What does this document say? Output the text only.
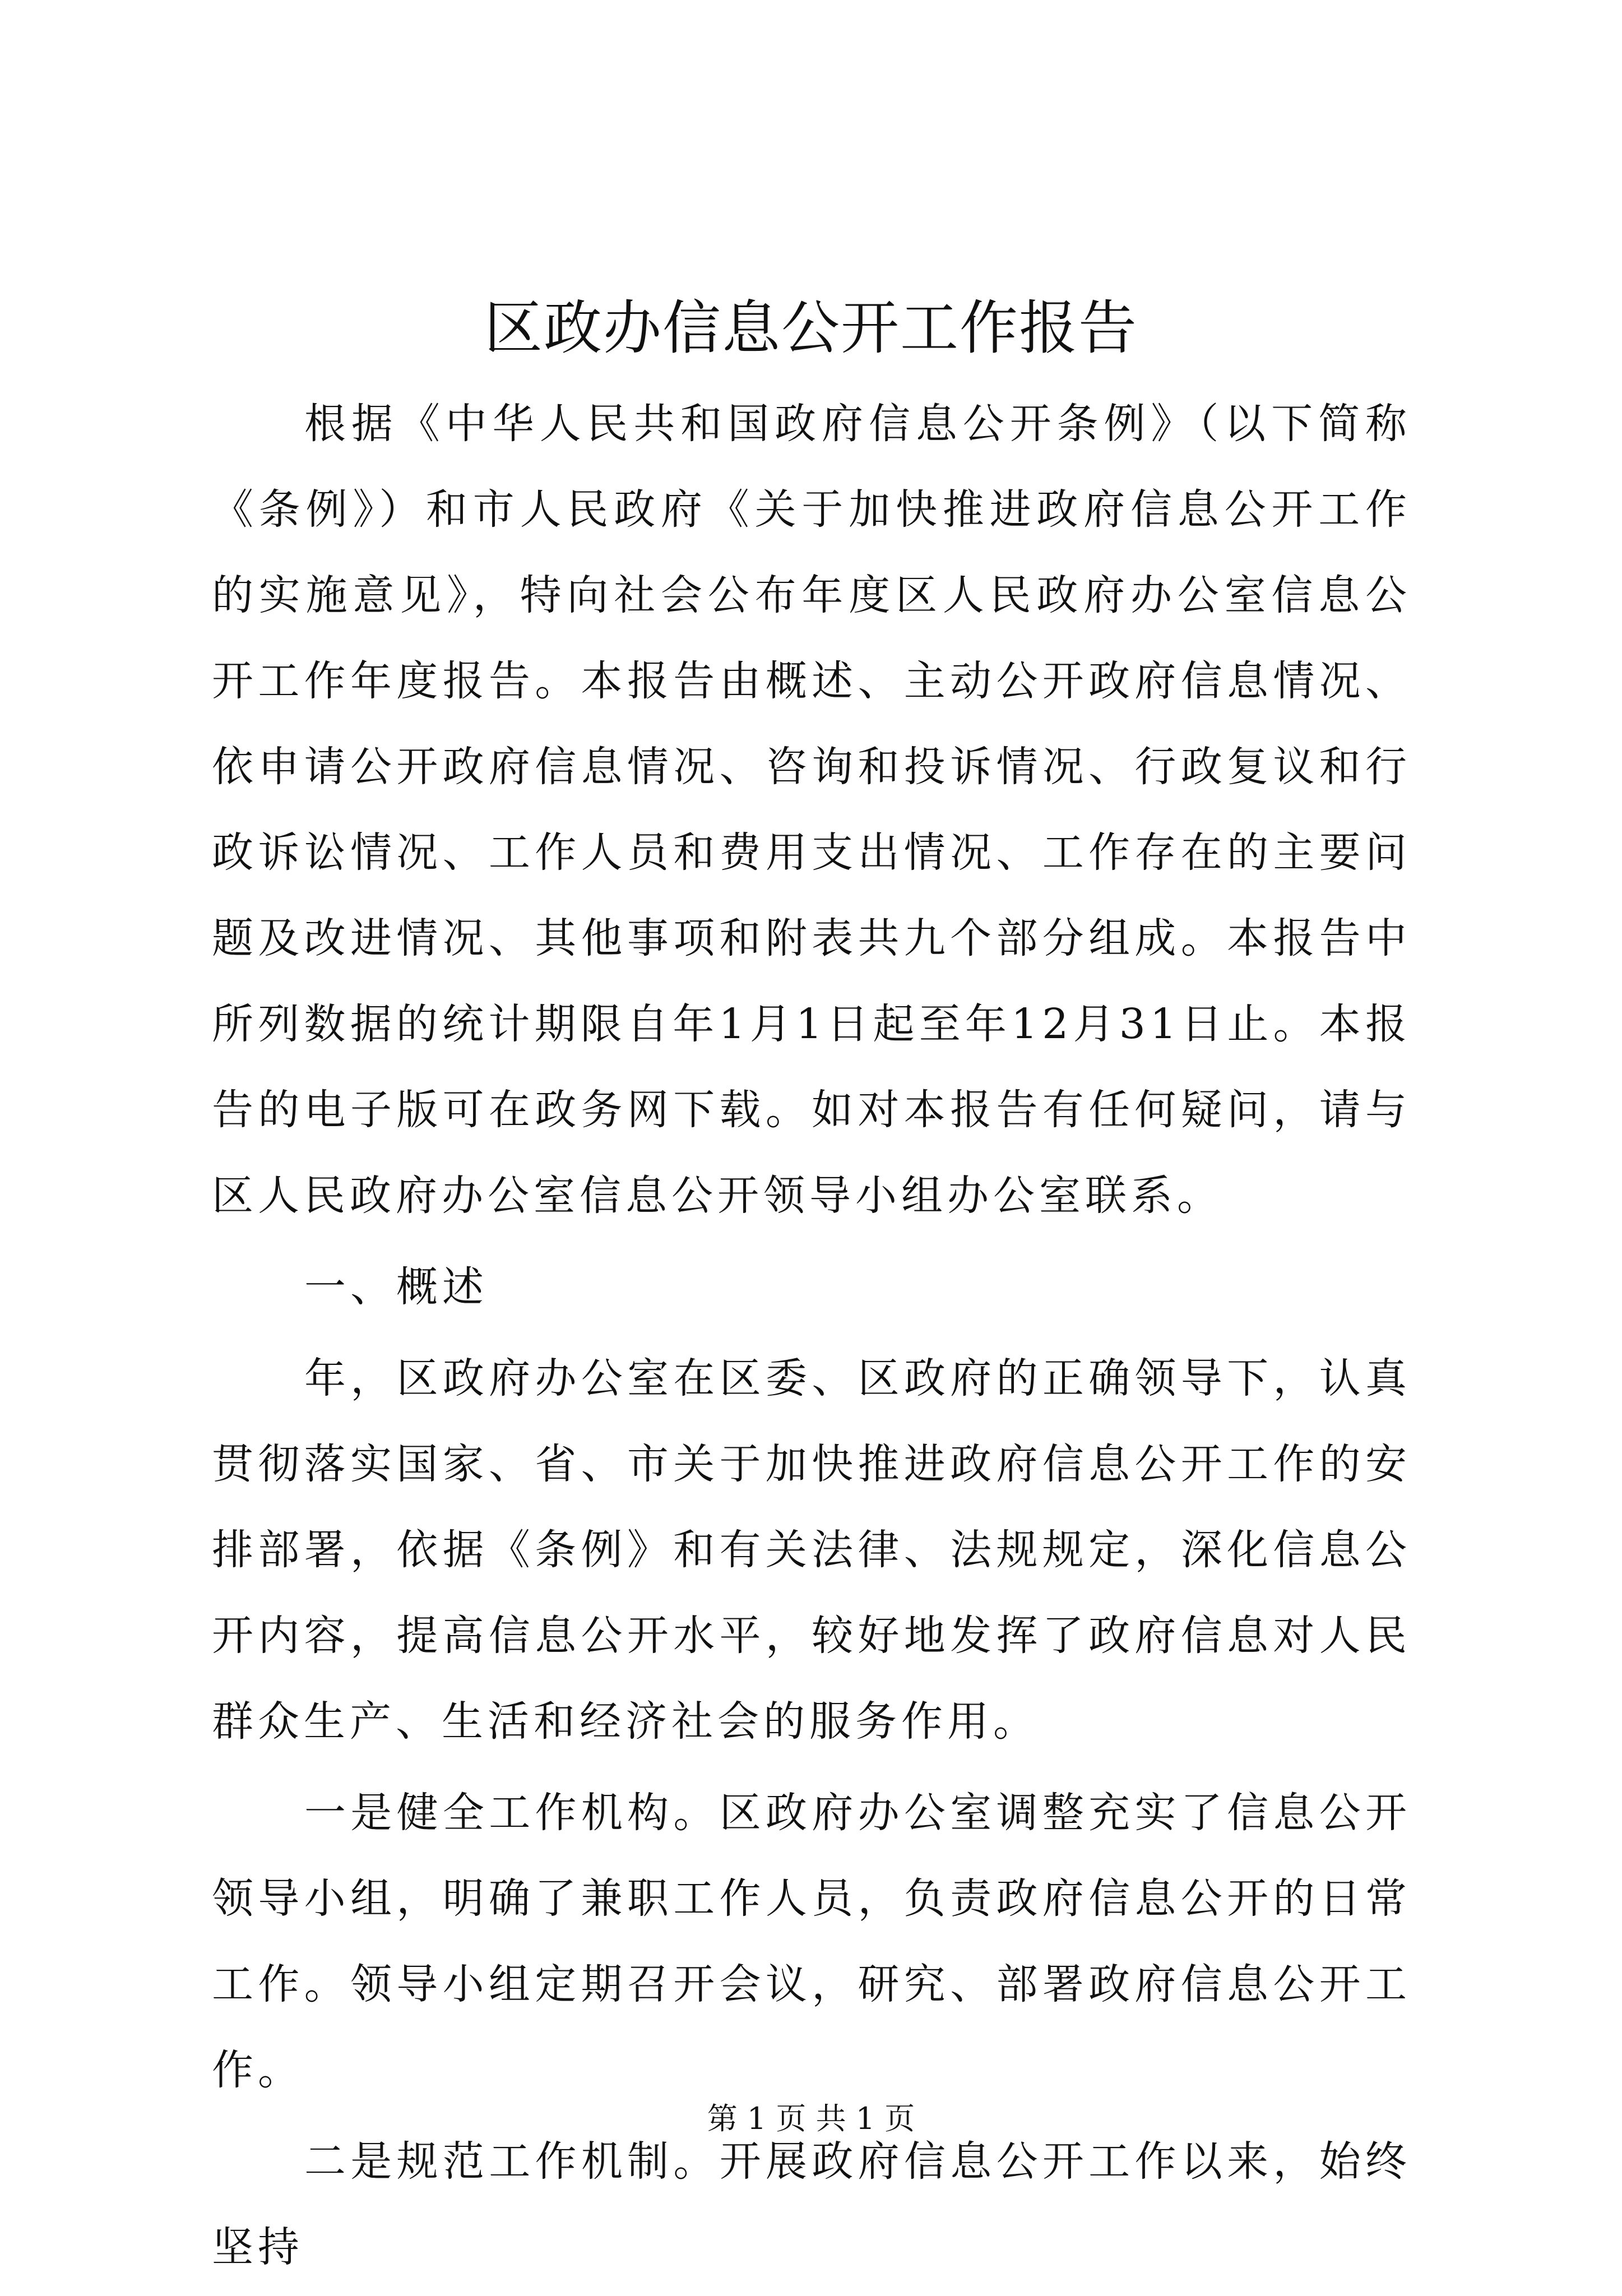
区政办信息公开工作报告

根据《中华人民共和国政府信息公开条例》（以下简称《条例》）和市人民政府《关于加快推进政府信息公开工作的实施意见》，特向社会公布年度区人民政府办公室信息公开工作年度报告。本报告由概述、主动公开政府信息情况、依申请公开政府信息情况、咨询和投诉情况、行政复议和行政诉讼情况、工作人员和费用支出情况、工作存在的主要问题及改进情况、其他事项和附表共九个部分组成。本报告中所列数据的统计期限自年1月1日起至年12月31日止。本报告的电子版可在政务网下载。如对本报告有任何疑问，请与区人民政府办公室信息公开领导小组办公室联系。

一、概述

年，区政府办公室在区委、区政府的正确领导下，认真贯彻落实国家、省、市关于加快推进政府信息公开工作的安排部署，依据《条例》和有关法律、法规规定，深化信息公开内容，提高信息公开水平，较好地发挥了政府信息对人民群众生产、生活和经济社会的服务作用。

一是健全工作机构。区政府办公室调整充实了信息公开领导小组，明确了兼职工作人员，负责政府信息公开的日常工作。领导小组定期召开会议，研究、部署政府信息公开工作。

二是规范工作机制。开展政府信息公开工作以来，始终坚持

第 1 页 共 1 页
